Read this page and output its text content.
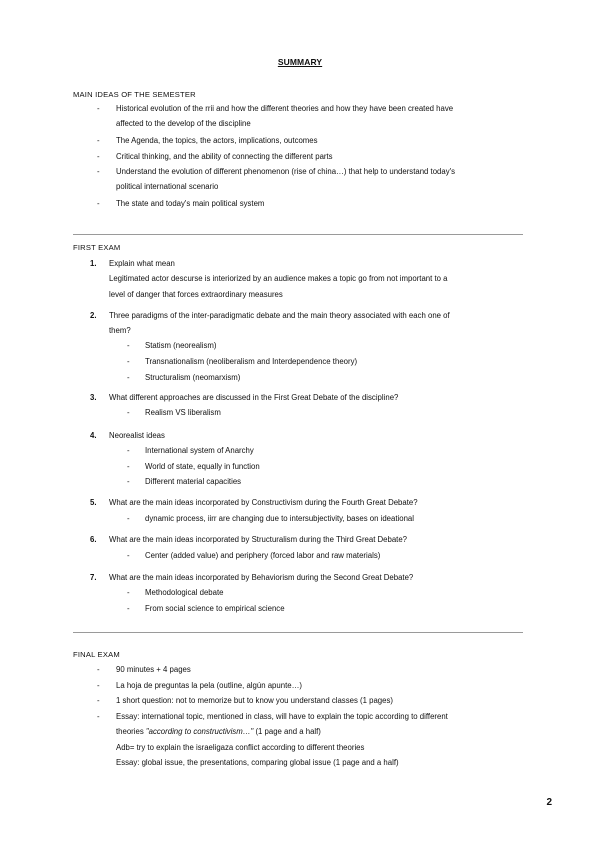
SUMMARY
MAIN IDEAS OF THE SEMESTER
- Historical evolution of the rrii and how the different theories and how they have been created have
affected to the develop of the discipline
- The Agenda, the topics, the actors, implications, outcomes
- Critical thinking, and the ability of connecting the different parts
- Understand the evolution of different phenomenon (rise of china…) that help to understand today's
political international scenario
- The state and today's main political system
FIRST EXAM
1. Explain what mean
Legitimated actor descurse is interiorized by an audience makes a topic go from not important to a
level of danger that forces extraordinary measures
2. Three paradigms of the inter-paradigmatic debate and the main theory associated with each one of
them?
- Statism (neorealism)
- Transnationalism (neoliberalism and Interdependence theory)
- Structuralism (neomarxism)
3. What different approaches are discussed in the First Great Debate of the discipline?
- Realism VS liberalism
4. Neorealist ideas
- International system of Anarchy
- World of state, equally in function
- Different material capacities
5. What are the main ideas incorporated by Constructivism during the Fourth Great Debate?
- dynamic process, iirr are changing due to intersubjectivity, bases on ideational
6. What are the main ideas incorporated by Structuralism during the Third Great Debate?
- Center (added value) and periphery (forced labor and raw materials)
7. What are the main ideas incorporated by Behaviorism during the Second Great Debate?
- Methodological debate
- From social science to empirical science
FINAL EXAM
- 90 minutes + 4 pages
- La hoja de preguntas la pela (outline, algún apunte…)
- 1 short question: not to memorize but to know you understand classes (1 pages)
- Essay: international topic, mentioned in class, will have to explain the topic according to different
theories "according to constructivism…" (1 page and a half)
Adb= try to explain the israeligaza conflict according to different theories
Essay: global issue, the presentations, comparing global issue (1 page and a half)
2
